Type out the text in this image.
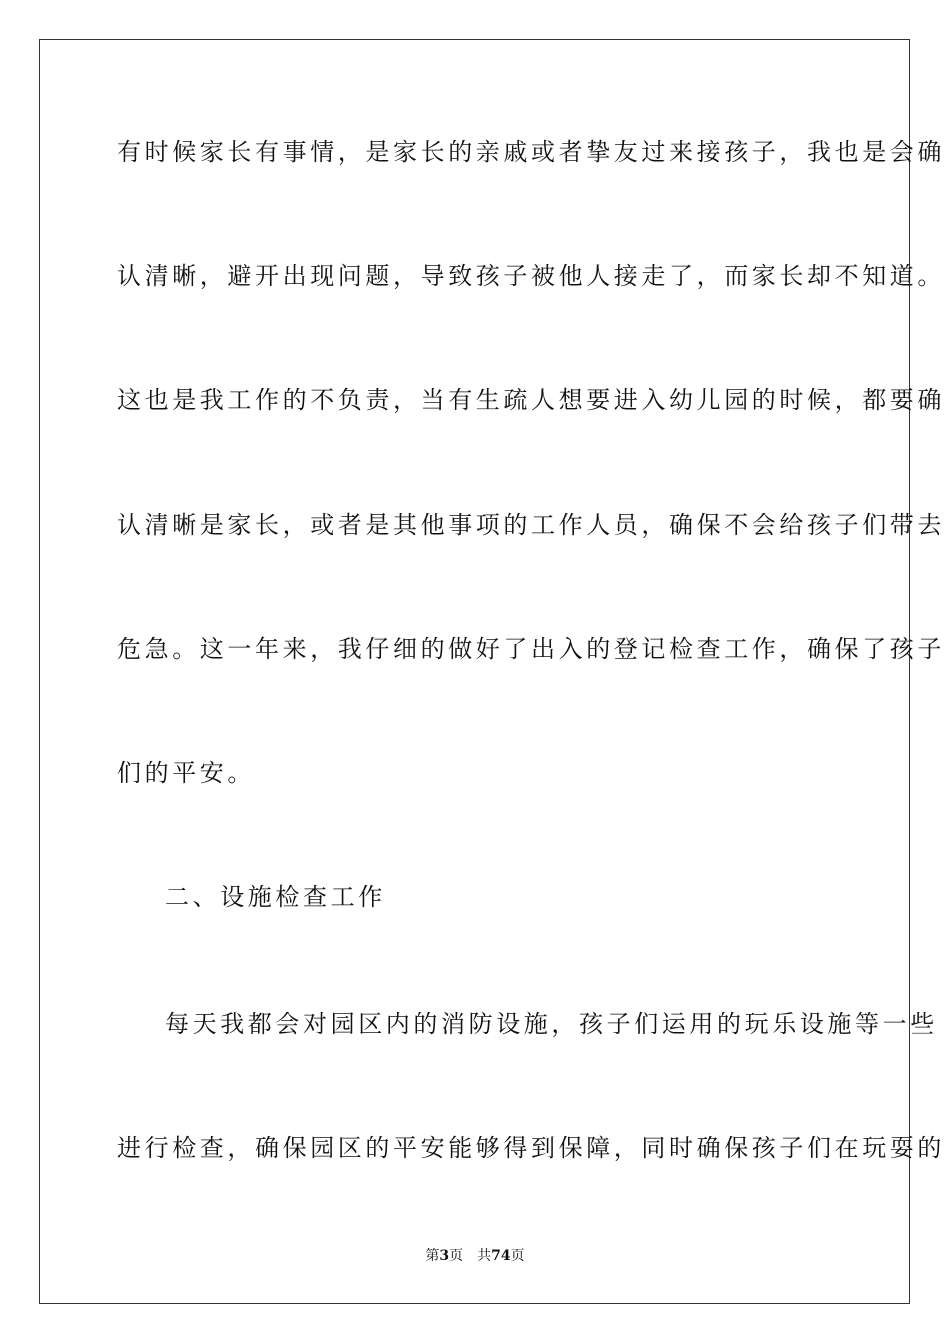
有时候家长有事情，是家长的亲戚或者挚友过来接孩子，我也是会确
认清晰，避开出现问题，导致孩子被他人接走了，而家长却不知道。
这也是我工作的不负责，当有生疏人想要进入幼儿园的时候，都要确
认清晰是家长，或者是其他事项的工作人员，确保不会给孩子们带去
危急。这一年来，我仔细的做好了出入的登记检查工作，确保了孩子
们的平安。
二、设施检查工作
每天我都会对园区内的消防设施，孩子们运用的玩乐设施等一些
进行检查，确保园区的平安能够得到保障，同时确保孩子们在玩耍的
第3页 共74页
